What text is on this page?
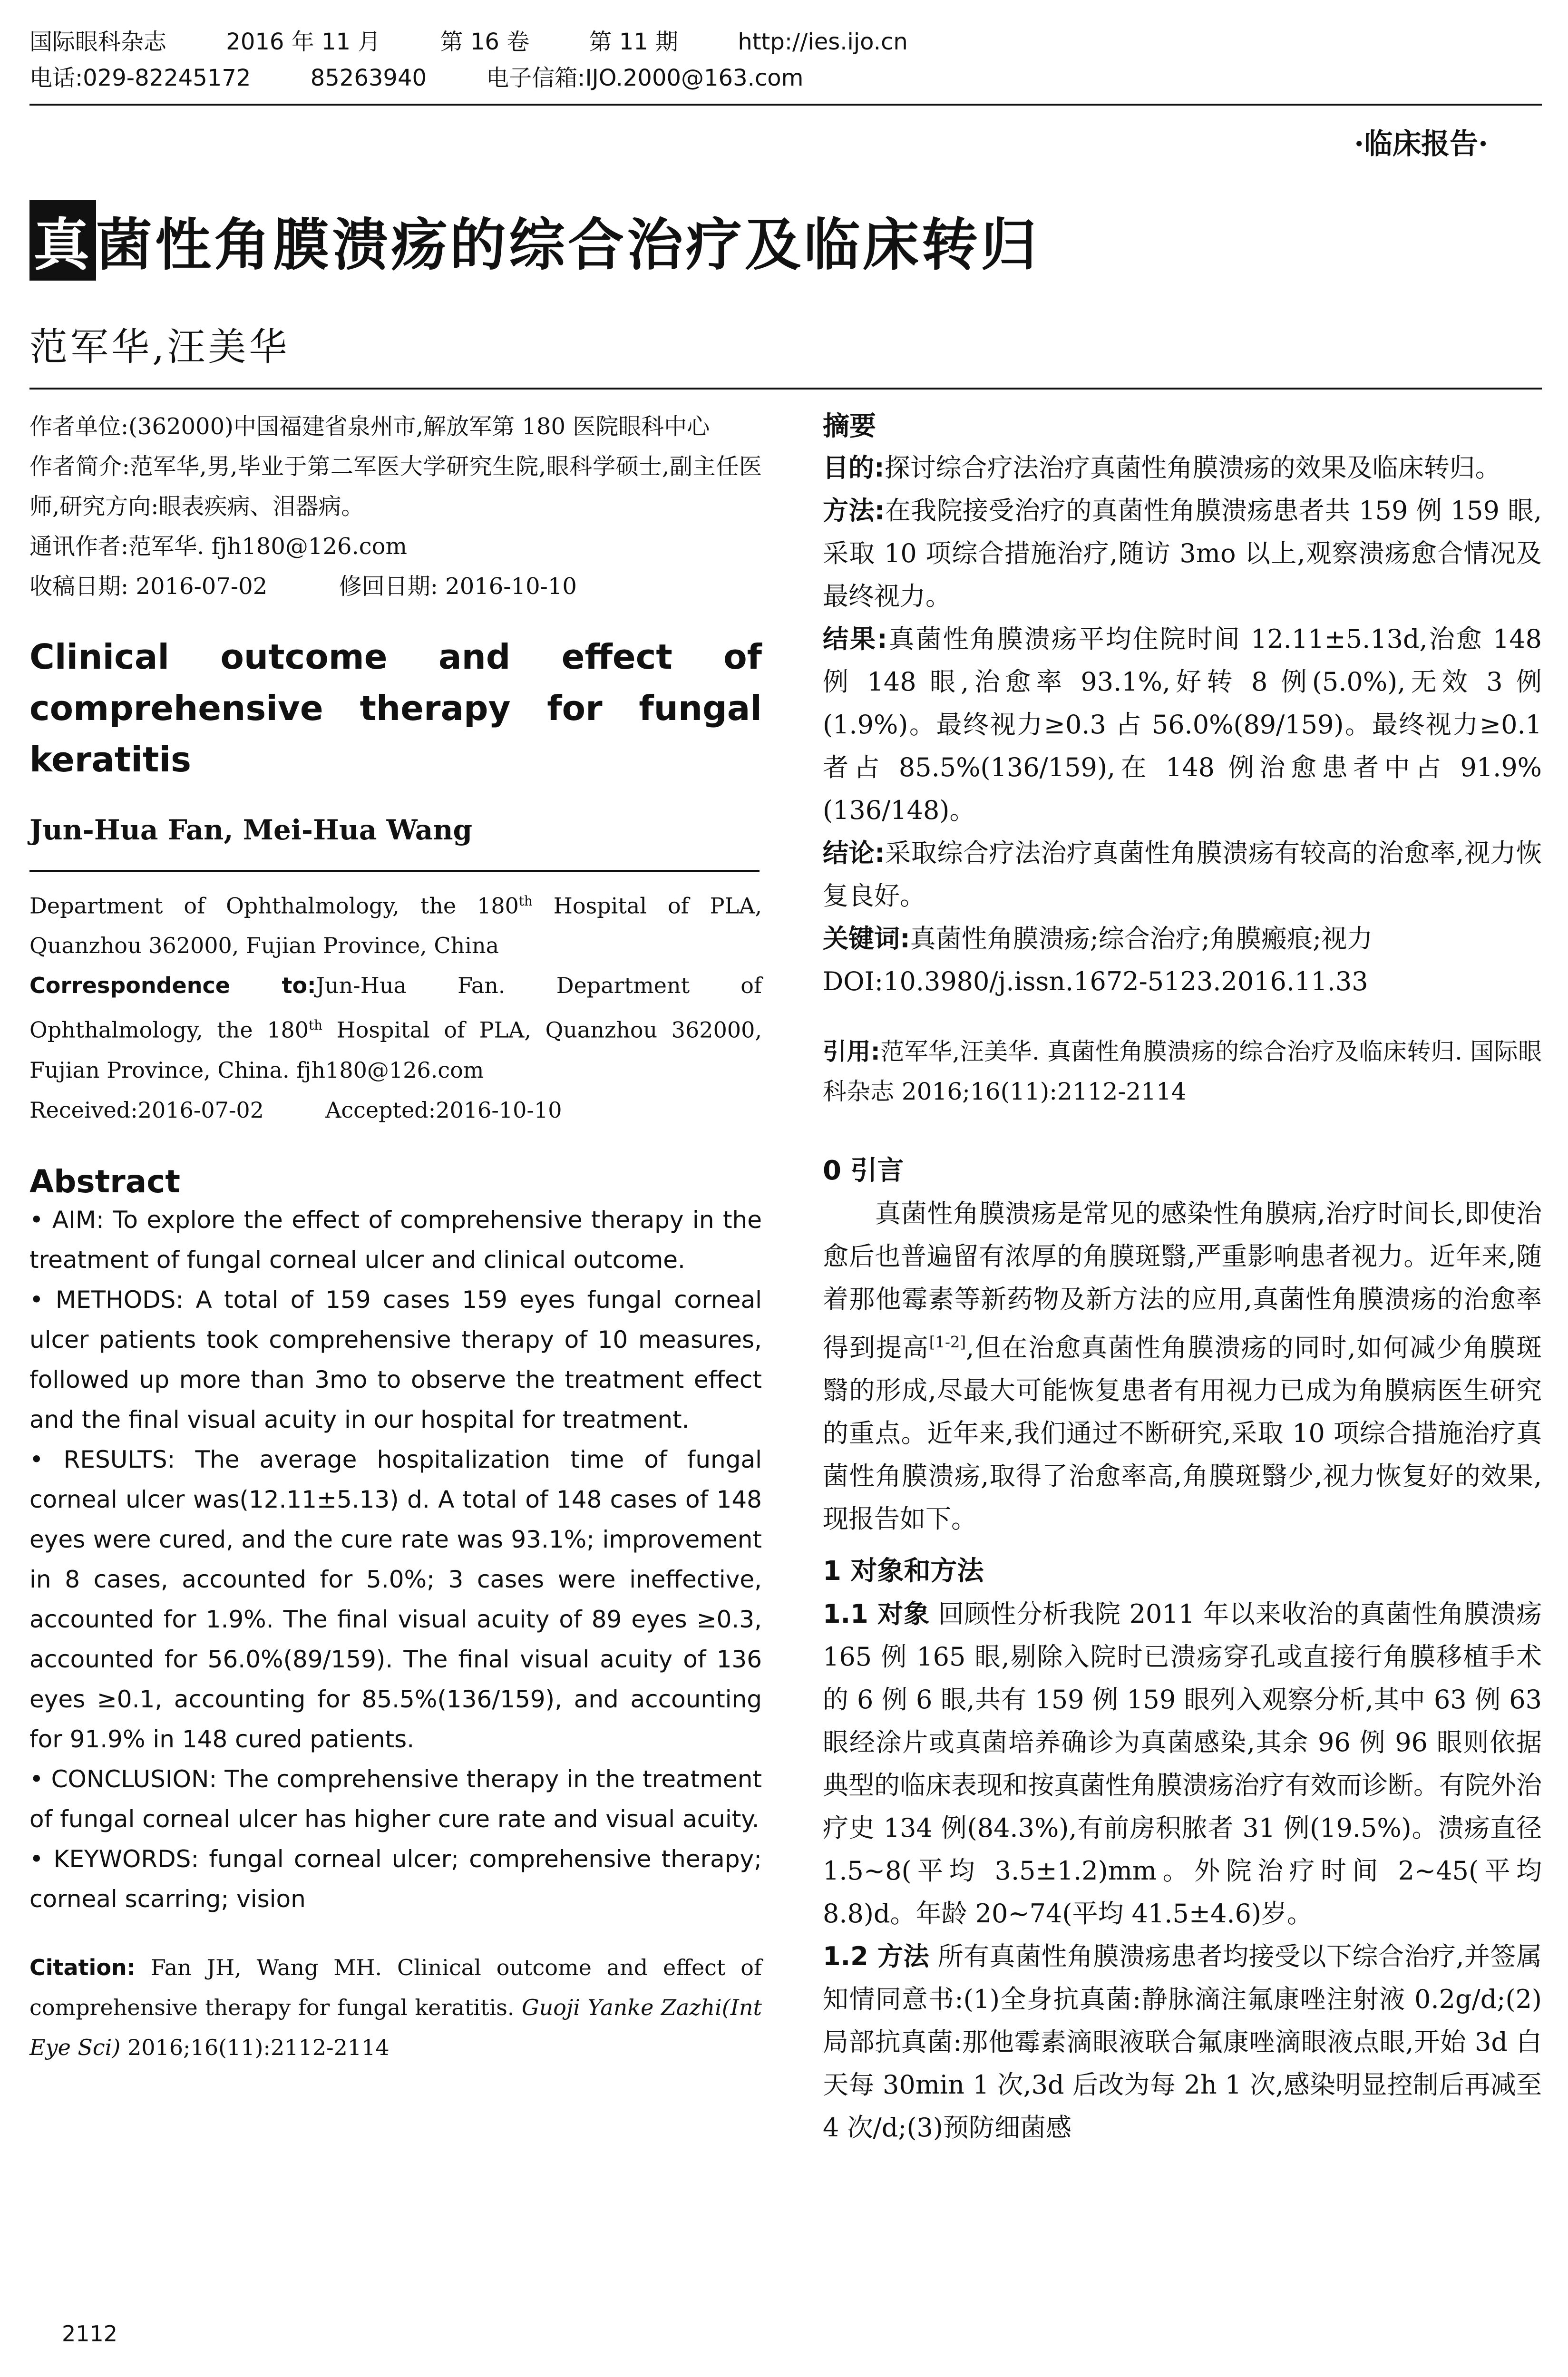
国际眼科杂志	2016 年 11 月	第 16 卷	第 11 期	http://ies.ijo.cn
电话:029-82245172	85263940	电子信箱:IJO.2000@163.com
·临床报告·
真菌性角膜溃疡的综合治疗及临床转归
范军华,汪美华
作者单位:(362000)中国福建省泉州市,解放军第 180 医院眼科中心
作者简介:范军华,男,毕业于第二军医大学研究生院,眼科学硕士,副主任医师,研究方向:眼表疾病、泪器病。
通讯作者:范军华. fjh180@126.com
收稿日期: 2016-07-02	修回日期: 2016-10-10
Clinical outcome and effect of
comprehensive therapy for fungal keratitis
Jun-Hua Fan, Mei-Hua Wang
Department of Ophthalmology, the 180th Hospital of PLA, Quanzhou 362000, Fujian Province, China
Correspondence to:Jun-Hua Fan. Department of Ophthalmology, the 180th Hospital of PLA, Quanzhou 362000, Fujian Province, China. fjh180@126.com
Received:2016-07-02	Accepted:2016-10-10
Abstract
• AIM: To explore the effect of comprehensive therapy in the treatment of fungal corneal ulcer and clinical outcome.
• METHODS: A total of 159 cases 159 eyes fungal corneal ulcer patients took comprehensive therapy of 10 measures, followed up more than 3mo to observe the treatment effect and the final visual acuity in our hospital for treatment.
• RESULTS: The average hospitalization time of fungal corneal ulcer was(12.11±5.13) d. A total of 148 cases of 148 eyes were cured, and the cure rate was 93.1%; improvement in 8 cases, accounted for 5.0%; 3 cases were ineffective, accounted for 1.9%. The final visual acuity of 89 eyes ≥0.3, accounted for 56.0%(89/159). The final visual acuity of 136 eyes ≥0.1, accounting for 85.5%(136/159), and accounting for 91.9% in 148 cured patients.
• CONCLUSION: The comprehensive therapy in the treatment of fungal corneal ulcer has higher cure rate and visual acuity.
• KEYWORDS: fungal corneal ulcer; comprehensive therapy; corneal scarring; vision
Citation: Fan JH, Wang MH. Clinical outcome and effect of comprehensive therapy for fungal keratitis. Guoji Yanke Zazhi(Int Eye Sci) 2016;16(11):2112-2114
2112
摘要
目的:探讨综合疗法治疗真菌性角膜溃疡的效果及临床转归。
方法:在我院接受治疗的真菌性角膜溃疡患者共 159 例 159 眼,采取 10 项综合措施治疗,随访 3mo 以上,观察溃疡愈合情况及最终视力。
结果:真菌性角膜溃疡平均住院时间 12.11±5.13d,治愈 148 例 148 眼,治愈率 93.1%,好转 8 例(5.0%),无效 3 例(1.9%)。最终视力≥0.3 占 56.0%(89/159)。最终视力≥0.1 者占 85.5%(136/159),在 148 例治愈患者中占 91.9%(136/148)。
结论:采取综合疗法治疗真菌性角膜溃疡有较高的治愈率,视力恢复良好。
关键词:真菌性角膜溃疡;综合治疗;角膜瘢痕;视力
DOI:10.3980/j.issn.1672-5123.2016.11.33
引用:范军华,汪美华. 真菌性角膜溃疡的综合治疗及临床转归. 国际眼科杂志 2016;16(11):2112-2114
0 引言
真菌性角膜溃疡是常见的感染性角膜病,治疗时间长,即使治愈后也普遍留有浓厚的角膜斑翳,严重影响患者视力。近年来,随着那他霉素等新药物及新方法的应用,真菌性角膜溃疡的治愈率得到提高[1-2],但在治愈真菌性角膜溃疡的同时,如何减少角膜斑翳的形成,尽最大可能恢复患者有用视力已成为角膜病医生研究的重点。近年来,我们通过不断研究,采取 10 项综合措施治疗真菌性角膜溃疡,取得了治愈率高,角膜斑翳少,视力恢复好的效果,现报告如下。
1 对象和方法
1.1 对象 回顾性分析我院 2011 年以来收治的真菌性角膜溃疡 165 例 165 眼,剔除入院时已溃疡穿孔或直接行角膜移植手术的 6 例 6 眼,共有 159 例 159 眼列入观察分析,其中 63 例 63 眼经涂片或真菌培养确诊为真菌感染,其余 96 例 96 眼则依据典型的临床表现和按真菌性角膜溃疡治疗有效而诊断。有院外治疗史 134 例(84.3%),有前房积脓者 31 例(19.5%)。溃疡直径 1.5~8(平均 3.5±1.2)mm。外院治疗时间 2~45(平均 8.8)d。年龄 20~74(平均 41.5±4.6)岁。
1.2 方法 所有真菌性角膜溃疡患者均接受以下综合治疗,并签属知情同意书:(1)全身抗真菌:静脉滴注氟康唑注射液 0.2g/d;(2)局部抗真菌:那他霉素滴眼液联合氟康唑滴眼液点眼,开始 3d 白天每 30min 1 次,3d 后改为每 2h 1 次,感染明显控制后再减至 4 次/d;(3)预防细菌感
